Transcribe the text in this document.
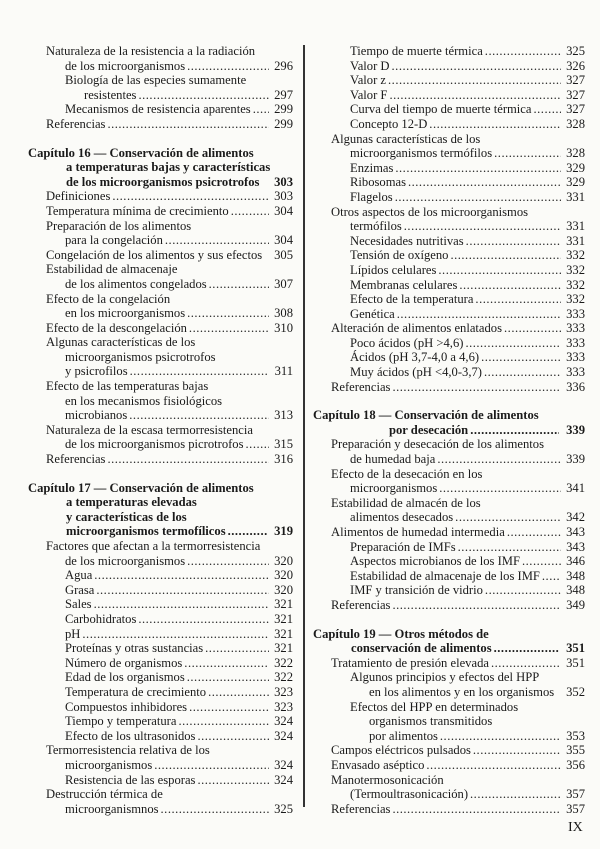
Naturaleza de la resistencia a la radiación
de los microorganismos .....	296
Biología de las especies sumamente
resistentes .....	297
Mecanismos de resistencia aparentes ..... 299
Referencias .....	299
Capítulo 16 — Conservación de alimentos
a temperaturas bajas y características
de los microorganismos psicrotrofos	303
Definiciones .....	303
Temperatura mínima de crecimiento .....	304
Preparación de los alimentos
para la congelación .....	304
Congelación de los alimentos y sus efectos 305
Estabilidad de almacenaje
de los alimentos congelados .....	307
Efecto de la congelación
en los microorganismos .....	308
Efecto de la descongelación .....	310
Algunas características de los
microorganismos psicrotrofos
y psicrofilos .....	311
Efecto de las temperaturas bajas
en los mecanismos fisiológicos
microbianos .....	313
Naturaleza de la escasa termorresistencia
de los microorganismos picrotrofos ..... 315
Referencias .....	316
Capítulo 17 — Conservación de alimentos
a temperaturas elevadas
y características de los
microorganismos termofílicos .....	319
Factores que afectan a la termorresistencia
de los microorganismos .....	320
Agua .....	320
Grasa .....	320
Sales .....	321
Carbohidratos .....	321
pH .....	321
Proteínas y otras sustancias .....	321
Número de organismos .....	322
Edad de los organismos .....	322
Temperatura de crecimiento .....	323
Compuestos inhibidores .....	323
Tiempo y temperatura .....	324
Efecto de los ultrasonidos .....	324
Termorresistencia relativa de los
microorganismos .....	324
Resistencia de las esporas .....	324
Destrucción térmica de
microorganismnos .....	325
Tiempo de muerte térmica .....	325
Valor D .....	326
Valor z .....	327
Valor F .....	327
Curva del tiempo de muerte térmica .....	327
Concepto 12-D .....	328
Algunas características de los
microorganismos termófilos .....	328
Enzimas .....	329
Ribosomas .....	329
Flagelos .....	331
Otros aspectos de los microorganismos
termófilos .....	331
Necesidades nutritivas .....	331
Tensión de oxígeno .....	332
Lípidos celulares .....	332
Membranas celulares .....	332
Efecto de la temperatura .....	332
Genética .....	333
Alteración de alimentos enlatados .....	333
Poco ácidos (pH >4,6) .....	333
Ácidos (pH 3,7-4,0 a 4,6) .....	333
Muy ácidos (pH <4,0-3,7) .....	333
Referencias .....	336
Capítulo 18 — Conservación de alimentos
por desecación .....	339
Preparación y desecación de los alimentos
de humedad baja .....	339
Efecto de la desecación en los
microorganismos .....	341
Estabilidad de almacén de los
alimentos desecados .....	342
Alimentos de humedad intermedia .....	343
Preparación de IMFs .....	343
Aspectos microbianos de los IMF .....	346
Estabilidad de almacenaje de los IMF ..... 348
IMF y transición de vidrio .....	348
Referencias .....	349
Capítulo 19 — Otros métodos de
conservación de alimentos .....	351
Tratamiento de presión elevada .....	351
Algunos principios y efectos del HPP
en los alimentos y en los organismos 352
Efectos del HPP en determinados
organismos transmitidos
por alimentos .....	353
Campos eléctricos pulsados .....	355
Envasado aséptico .....	356
Manotermosonicación
(Termoultrasonicación) .....	357
Referencias .....	357
IX
